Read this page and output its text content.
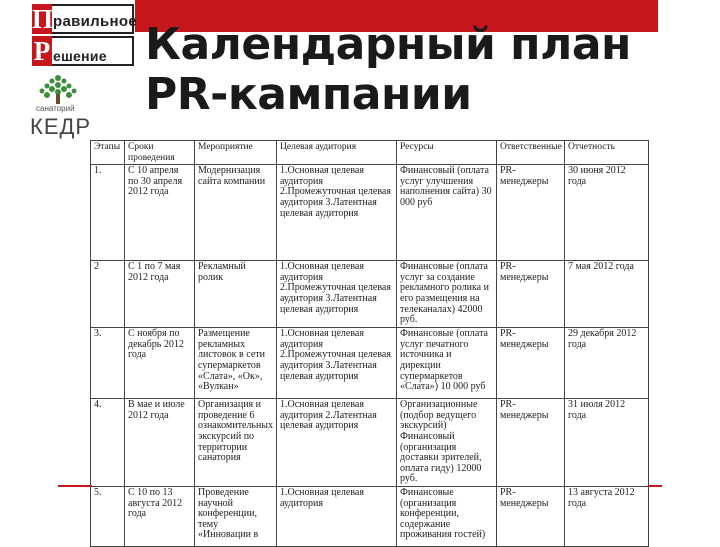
П равильное
Р ешение
санаторий
КЕДР
Календарный план PR-кампании
Этапы	Сроки проведения	Мероприятие	Целевая аудитория	Ресурсы	Ответственные	Отчетность
1.	С 10 апреля по 30 апреля 2012 года	Модернизация сайта компании	1.Основная целевая аудитория 2.Промежуточная целевая аудитория 3.Латентная целевая аудитория	Финансовый (оплата услуг улучшения наполнения сайта) 30 000 руб	PR-менеджеры	30 июня 2012 года
2	С 1 по 7 мая 2012 года	Рекламный ролик	1.Основная целевая аудитория 2.Промежуточная целевая аудитория 3.Латентная целевая аудитория	Финансовые (оплата услуг за создание рекламного ролика и его размещения на телеканалах) 42000 руб.	PR-менеджеры	7 мая 2012 года
3.	С ноября по декабрь 2012 года	Размещение рекламных листовок в сети супермаркетов «Слата», «Ок», «Вулкан»	1.Основная целевая аудитория 2.Промежуточная целевая аудитория 3.Латентная целевая аудитория	Финансовые (оплата услуг печатного источника и дирекции супермаркетов «Слата») 10 000 руб	PR-менеджеры	29 декабря 2012 года
4.	В мае и июле 2012 года	Организация и проведение 6 ознакомительных экскурсий по территории санатория	1.Основная целевая аудитория 2.Латентная целевая аудитория	Организационные (подбор ведущего экскурсий) Финансовый (организация доставки зрителей, оплата гиду) 12000 руб.	PR-менеджеры	31 июля 2012 года
5.	С 10 по 13 августа 2012 года	Проведение научной конференции, тему «Инновации в	1.Основная целевая аудитория	Финансовые (организация конференции, содержание проживания гостей)	PR-менеджеры	13 августа 2012 года
